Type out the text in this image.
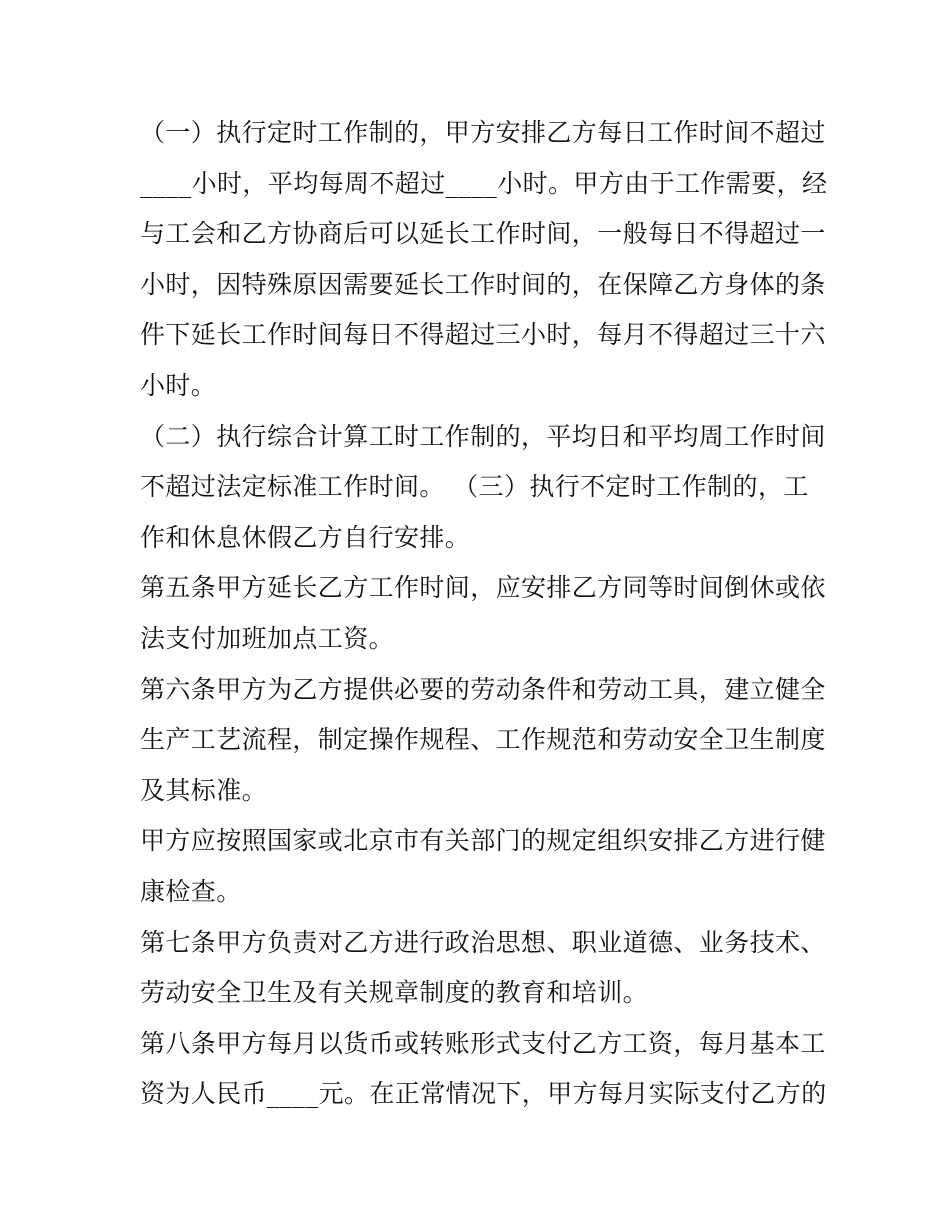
（一）执行定时工作制的，甲方安排乙方每日工作时间不超过
____小时，平均每周不超过____小时。甲方由于工作需要，经
与工会和乙方协商后可以延长工作时间，一般每日不得超过一
小时，因特殊原因需要延长工作时间的，在保障乙方身体的条
件下延长工作时间每日不得超过三小时，每月不得超过三十六
小时。
（二）执行综合计算工时工作制的，平均日和平均周工作时间
不超过法定标准工作时间。 （三）执行不定时工作制的，工
作和休息休假乙方自行安排。
第五条甲方延长乙方工作时间，应安排乙方同等时间倒休或依
法支付加班加点工资。
第六条甲方为乙方提供必要的劳动条件和劳动工具，建立健全
生产工艺流程，制定操作规程、工作规范和劳动安全卫生制度
及其标准。
甲方应按照国家或北京市有关部门的规定组织安排乙方进行健
康检查。
第七条甲方负责对乙方进行政治思想、职业道德、业务技术、
劳动安全卫生及有关规章制度的教育和培训。
第八条甲方每月以货币或转账形式支付乙方工资，每月基本工
资为人民币____元。在正常情况下，甲方每月实际支付乙方的
